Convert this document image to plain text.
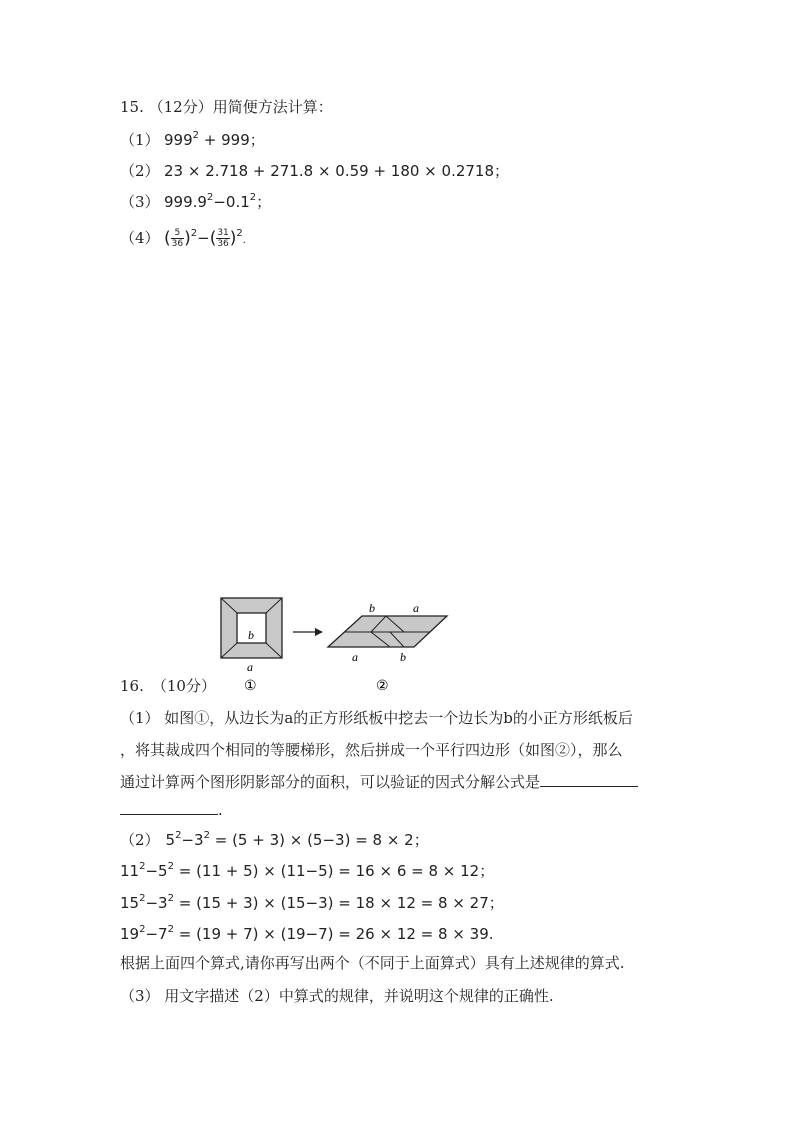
15. （12分）用简便方法计算：
（1） $999^2 + 999$；
（2） 23 × 2.718 + 271.8 × 0.59 + 180 × 0.2718；
（3） $999.9^2-0.1^2$；
（4） ( $\frac{5}{36} )^2-( \frac{31}{36} )^2$.
b
a
b	a
a	b
①	②
16. （10分）
（1） 如图①，从边长为a的正方形纸板中挖去一个边长为b的小正方形纸板后
，将其裁成四个相同的等腰梯形，然后拼成一个平行四边形（如图②），那么
通过计算两个图形阴影部分的面积，可以验证的因式分解公式是
.
（2） $5^2-3^2 = (5 + 3) \times (5-3) = 8 \times 2$；
$11^2-5^2 = (11 + 5) \times (11-5) = 16 \times 6 = 8 \times 12$；
$15^2-3^2 = (15 + 3) \times (15-3) = 18 \times 12 = 8 \times 27$；
$19^2-7^2 = (19 + 7) \times (19-7) = 26 \times 12 = 8 \times 39$.
根据上面四个算式,请你再写出两个（不同于上面算式）具有上述规律的算式.
（3） 用文字描述（2）中算式的规律，并说明这个规律的正确性.
